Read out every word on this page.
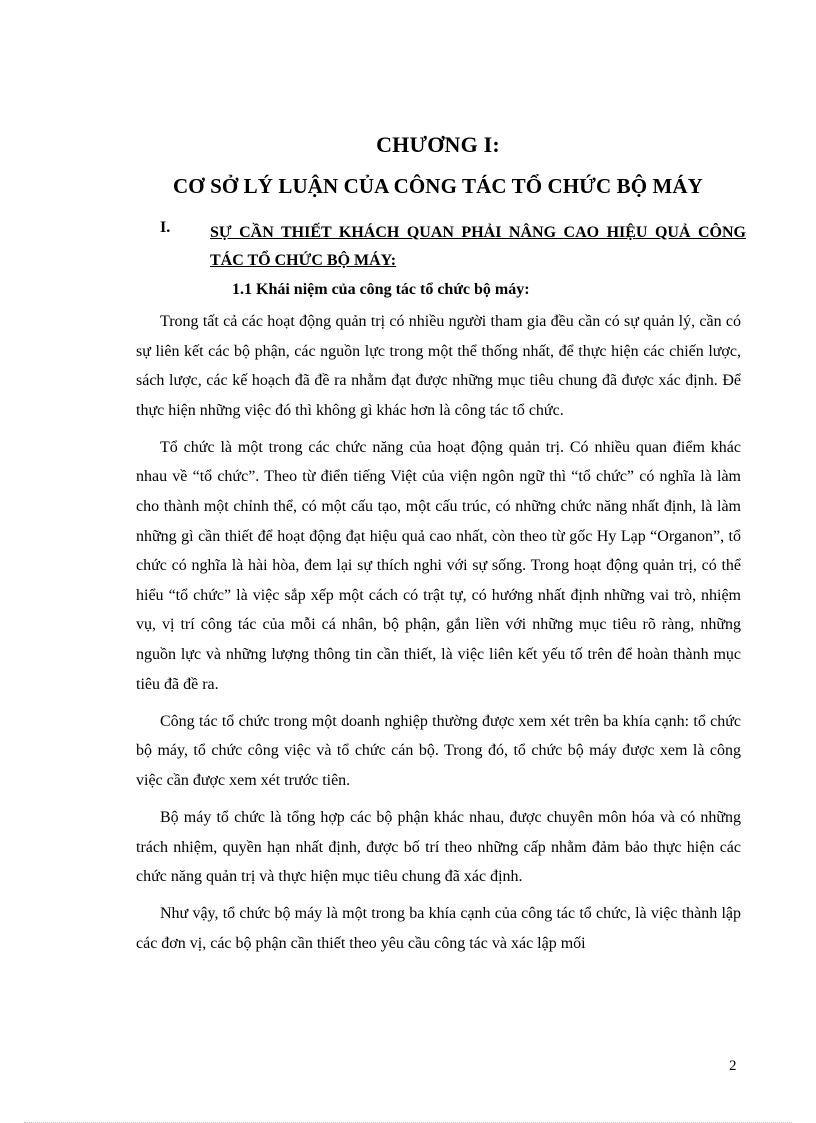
CHƯƠNG I:
CƠ SỞ LÝ LUẬN CỦA CÔNG TÁC TỔ CHỨC BỘ MÁY
I. SỰ CẦN THIẾT KHÁCH QUAN PHẢI NÂNG CAO HIỆU QUẢ CÔNG TÁC TỔ CHỨC BỘ MÁY:
1.1 Khái niệm của công tác tổ chức bộ máy:

Trong tất cả các hoạt động quản trị có nhiều người tham gia đều cần có sự quản lý, cần có sự liên kết các bộ phận, các nguồn lực trong một thể thống nhất, để thực hiện các chiến lược, sách lược, các kế hoạch đã đề ra nhằm đạt được những mục tiêu chung đã được xác định. Để thực hiện những việc đó thì không gì khác hơn là công tác tổ chức.

Tổ chức là một trong các chức năng của hoạt động quản trị. Có nhiều quan điểm khác nhau về “tổ chức”. Theo từ điển tiếng Việt của viện ngôn ngữ thì “tổ chức” có nghĩa là làm cho thành một chỉnh thể, có một cấu tạo, một cấu trúc, có những chức năng nhất định, là làm những gì cần thiết để hoạt động đạt hiệu quả cao nhất, còn theo từ gốc Hy Lạp “Organon”, tổ chức có nghĩa là hài hòa, đem lại sự thích nghi với sự sống. Trong hoạt động quản trị, có thể hiểu “tổ chức” là việc sắp xếp một cách có trật tự, có hướng nhất định những vai trò, nhiệm vụ, vị trí công tác của mỗi cá nhân, bộ phận, gắn liền với những mục tiêu rõ ràng, những nguồn lực và những lượng thông tin cần thiết, là việc liên kết yếu tố trên để hoàn thành mục tiêu đã đề ra.

Công tác tổ chức trong một doanh nghiệp thường được xem xét trên ba khía cạnh: tổ chức bộ máy, tổ chức công việc và tổ chức cán bộ. Trong đó, tổ chức bộ máy được xem là công việc cần được xem xét trước tiên.

Bộ máy tổ chức là tổng hợp các bộ phận khác nhau, được chuyên môn hóa và có những trách nhiệm, quyền hạn nhất định, được bố trí theo những cấp nhằm đảm bảo thực hiện các chức năng quản trị và thực hiện mục tiêu chung đã xác định.

Như vậy, tổ chức bộ máy là một trong ba khía cạnh của công tác tổ chức, là việc thành lập các đơn vị, các bộ phận cần thiết theo yêu cầu công tác và xác lập mối

2
